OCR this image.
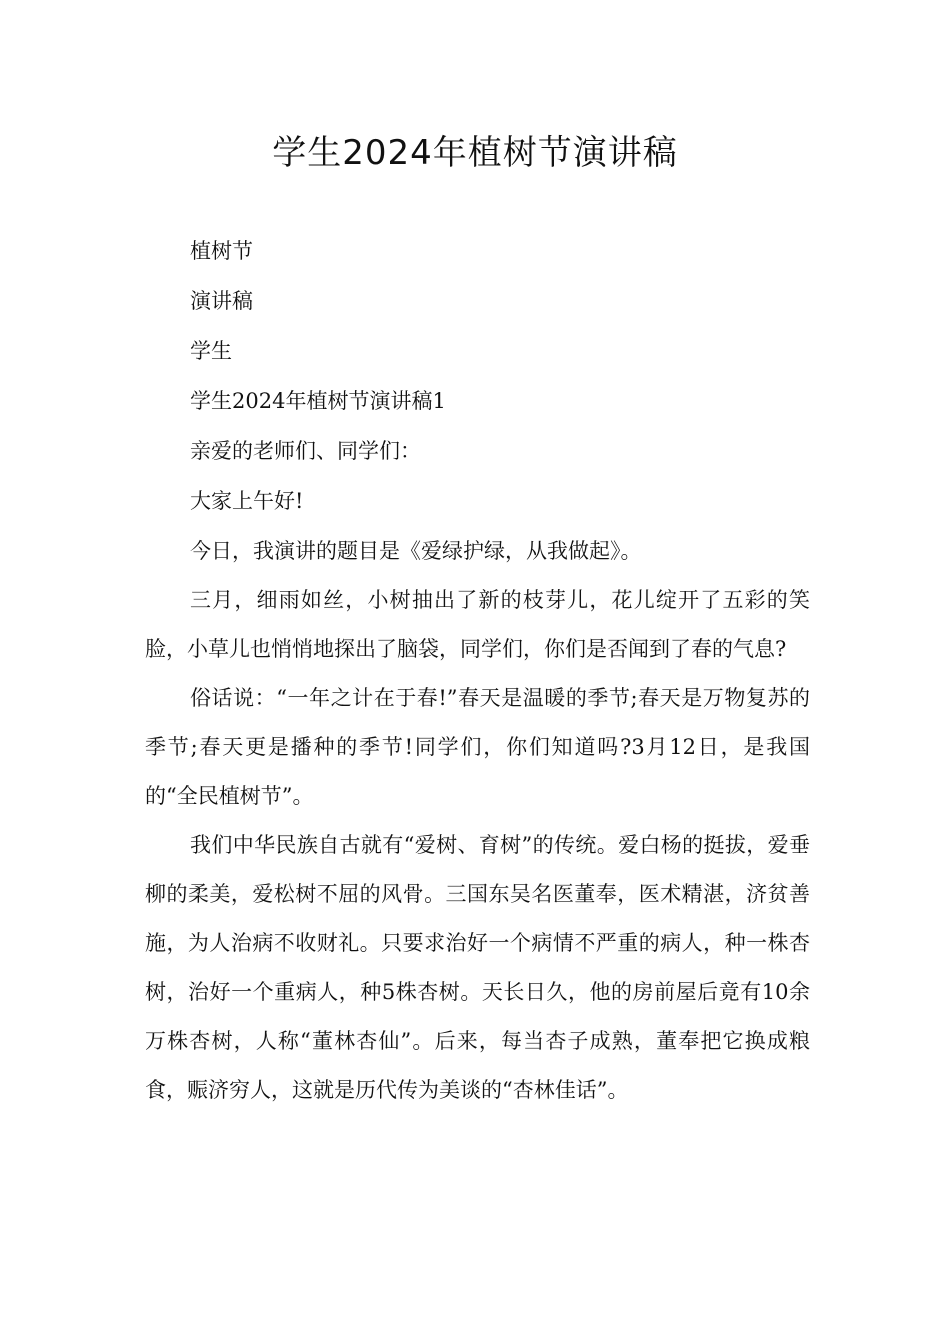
学生2024年植树节演讲稿

植树节

演讲稿

学生

学生2024年植树节演讲稿1

亲爱的老师们、同学们：

大家上午好!

今日，我演讲的题目是《爱绿护绿，从我做起》。

三月，细雨如丝，小树抽出了新的枝芽儿，花儿绽开了五彩的笑脸，小草儿也悄悄地探出了脑袋，同学们，你们是否闻到了春的气息?

俗话说：“一年之计在于春!”春天是温暖的季节;春天是万物复苏的季节;春天更是播种的季节!同学们，你们知道吗?3月12日，是我国的“全民植树节”。

我们中华民族自古就有“爱树、育树”的传统。爱白杨的挺拔，爱垂柳的柔美，爱松树不屈的风骨。三国东吴名医董奉，医术精湛，济贫善施，为人治病不收财礼。只要求治好一个病情不严重的病人，种一株杏树，治好一个重病人，种5株杏树。天长日久，他的房前屋后竟有10余万株杏树，人称“董林杏仙”。后来，每当杏子成熟，董奉把它换成粮食，赈济穷人，这就是历代传为美谈的“杏林佳话”。
